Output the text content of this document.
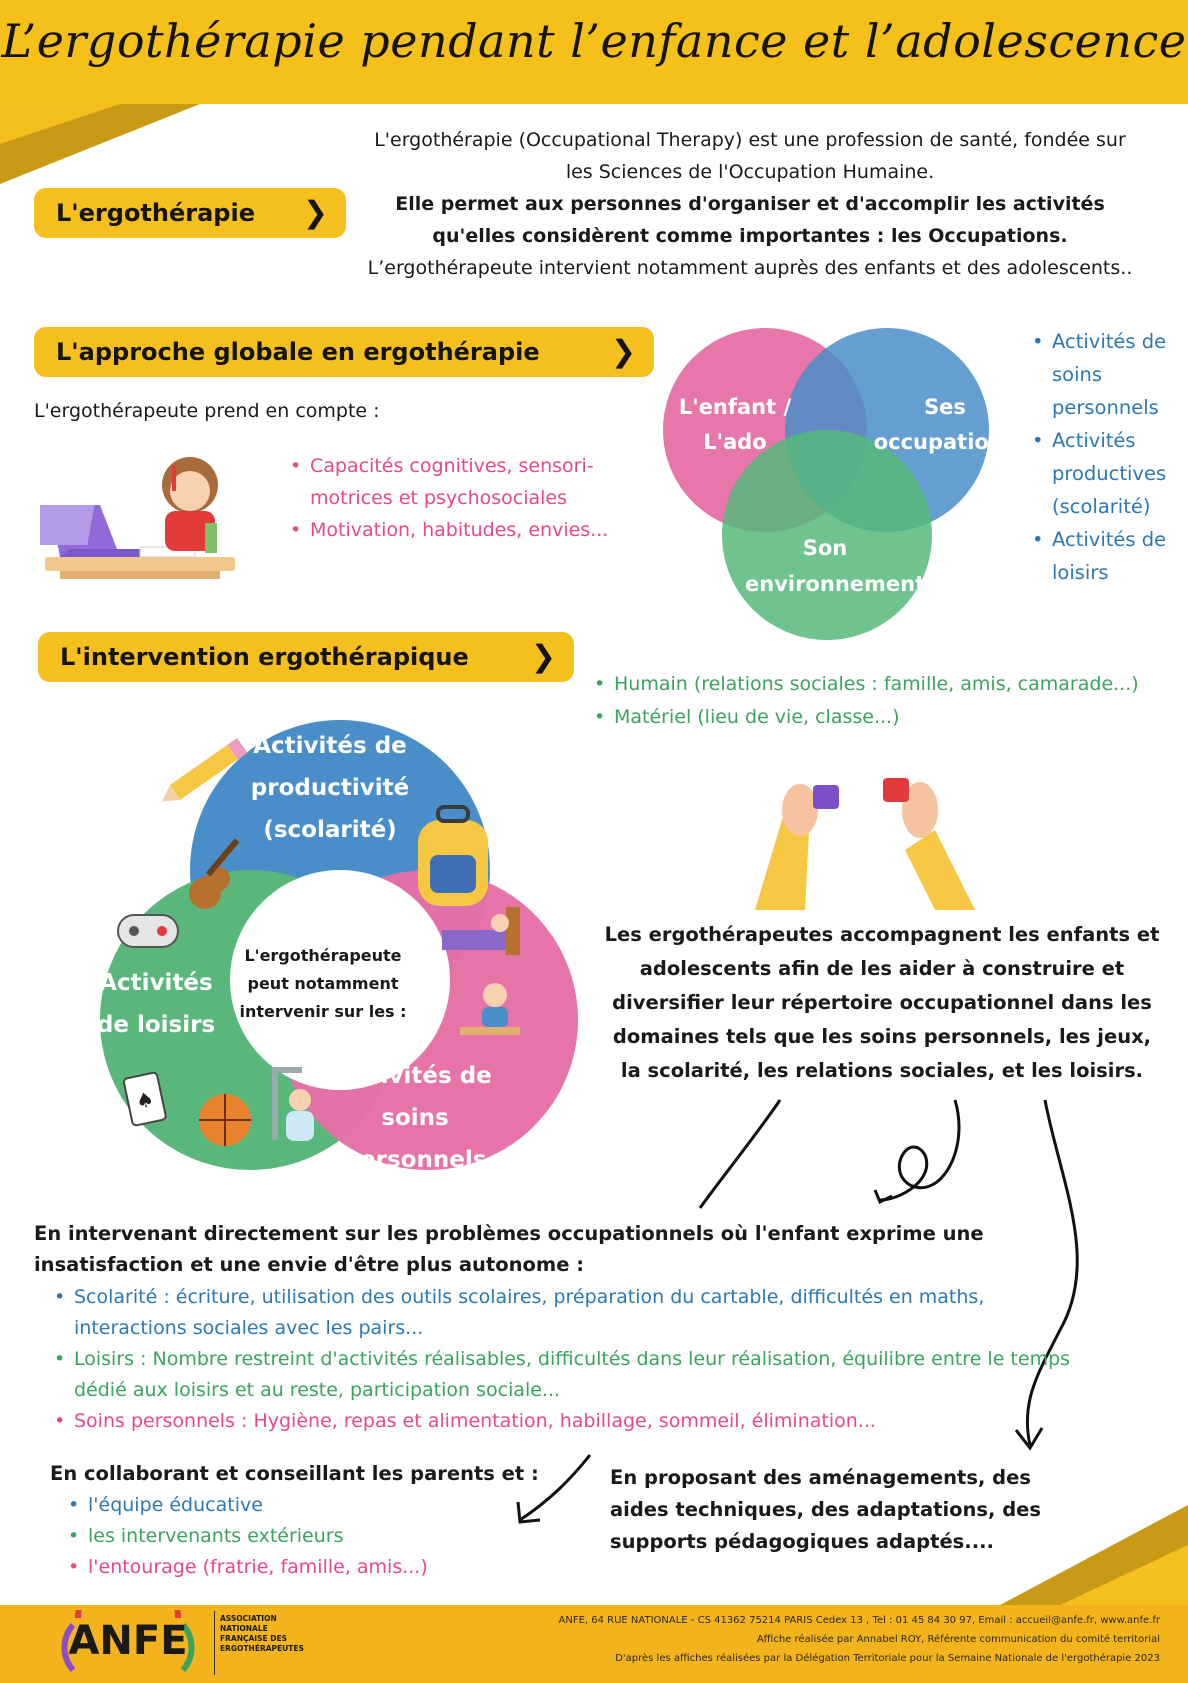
L’ergothérapie pendant l’enfance et l’adolescence
L'ergothérapie ❯
L'ergothérapie (Occupational Therapy) est une profession de santé, fondée sur
les Sciences de l'Occupation Humaine.
Elle permet aux personnes d'organiser et d'accomplir les activités
qu'elles considèrent comme importantes : les Occupations.
L’ergothérapeute intervient notamment auprès des enfants et des adolescents..
L'approche globale en ergothérapie ❯
L'ergothérapeute prend en compte :
• Capacités cognitives, sensori-motrices et psychosociales
• Motivation, habitudes, envies...
L'enfant / L'ado
Ses occupations
Son environnement
• Activités de soins personnels
• Activités productives (scolarité)
• Activités de loisirs
L'intervention ergothérapique ❯
• Humain (relations sociales : famille, amis, camarade...)
• Matériel (lieu de vie, classe...)
♠
Activités de productivité (scolarité)
Activités de loisirs
Activités de soins personnels
L'ergothérapeute peut notamment intervenir sur les :
Les ergothérapeutes accompagnent les enfants et adolescents afin de les aider à construire et diversifier leur répertoire occupationnel dans les domaines tels que les soins personnels, les jeux, la scolarité, les relations sociales, et les loisirs.
En intervenant directement sur les problèmes occupationnels où l'enfant exprime une insatisfaction et une envie d'être plus autonome :
• Scolarité : écriture, utilisation des outils scolaires, préparation du cartable, difficultés en maths, interactions sociales avec les pairs...
• Loisirs : Nombre restreint d'activités réalisables, difficultés dans leur réalisation, équilibre entre le temps dédié aux loisirs et au reste, participation sociale...
• Soins personnels : Hygiène, repas et alimentation, habillage, sommeil, élimination...
En collaborant et conseillant les parents et :
• l'équipe éducative
• les intervenants extérieurs
• l'entourage (fratrie, famille, amis...)
En proposant des aménagements, des aides techniques, des adaptations, des supports pédagogiques adaptés....
ANFE	ASSOCIATION NATIONALE FRANÇAISE DES ERGOTHÉRAPEUTES
ANFE, 64 RUE NATIONALE - CS 41362 75214 PARIS Cedex 13 , Tel : 01 45 84 30 97, Email : accueil@anfe.fr, www.anfe.fr
Affiche réalisée par Annabel ROY, Référente communication du comité territorial
D'après les affiches réalisées par la Délégation Territoriale pour la Semaine Nationale de l'ergothérapie 2023
